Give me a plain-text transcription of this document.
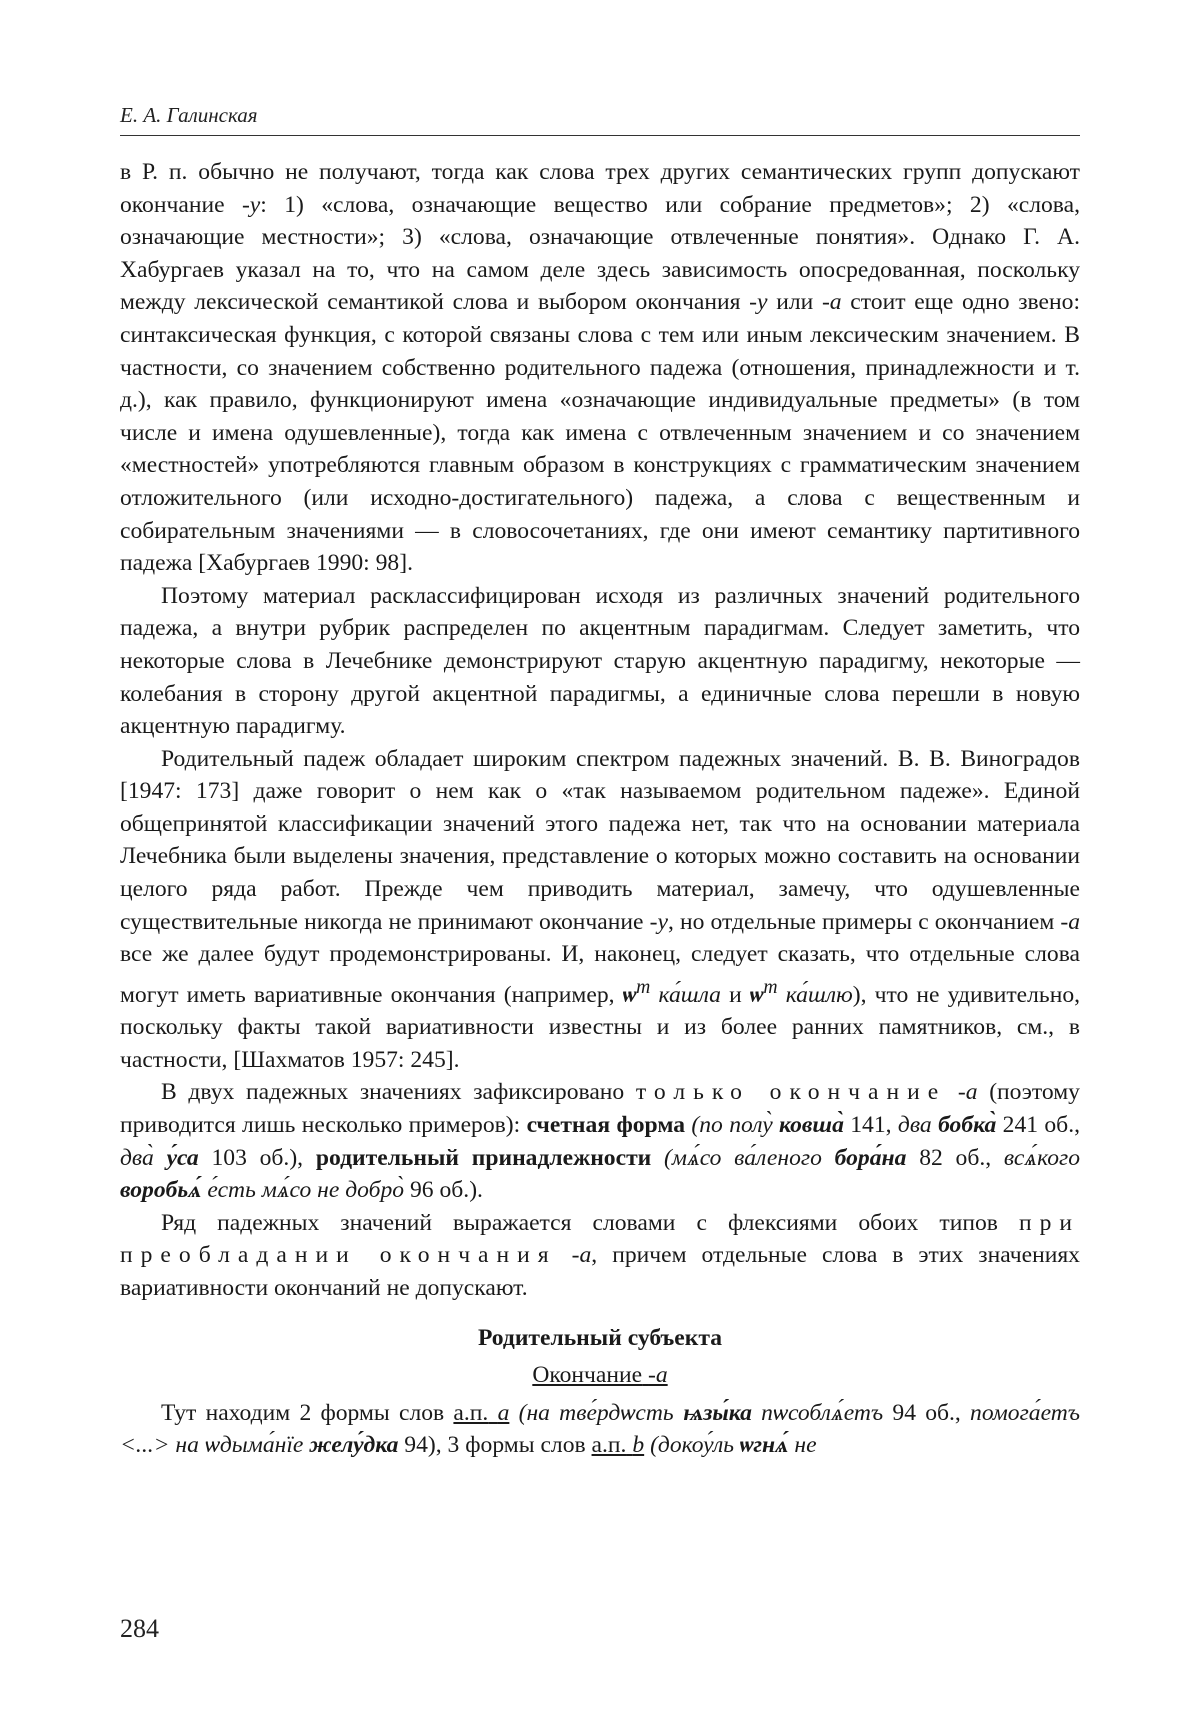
Е. А. Галинская

в Р. п. обычно не получают, тогда как слова трех других семантических групп допускают окончание -у: 1) «слова, означающие вещество или собрание предметов»; 2) «слова, означающие местности»; 3) «слова, означающие отвлеченные понятия». Однако Г. А. Хабургаев указал на то, что на самом деле здесь зависимость опосредованная, поскольку между лексической семантикой слова и выбором окончания -у или -а стоит еще одно звено: синтаксическая функция, с которой связаны слова с тем или иным лексическим значением. В частности, со значением собственно родительного падежа (отношения, принадлежности и т. д.), как правило, функционируют имена «означающие индивидуальные предметы» (в том числе и имена одушевленные), тогда как имена с отвлеченным значением и со значением «местностей» употребляются главным образом в конструкциях с грамматическим значением отложительного (или исходно-достигательного) падежа, а слова с вещественным и собирательным значениями — в словосочетаниях, где они имеют семантику партитивного падежа [Хабургаев 1990: 98].

Поэтому материал расклассифицирован исходя из различных значений родительного падежа, а внутри рубрик распределен по акцентным парадигмам. Следует заметить, что некоторые слова в Лечебнике демонстрируют старую акцентную парадигму, некоторые — колебания в сторону другой акцентной парадигмы, а единичные слова перешли в новую акцентную парадигму.

Родительный падеж обладает широким спектром падежных значений. В. В. Виноградов [1947: 173] даже говорит о нем как о «так называемом родительном падеже». Единой общепринятой классификации значений этого падежа нет, так что на основании материала Лечебника были выделены значения, представление о которых можно составить на основании целого ряда работ. Прежде чем приводить материал, замечу, что одушевленные существительные никогда не принимают окончание -у, но отдельные примеры с окончанием -а все же далее будут продемонстрированы. И, наконец, следует сказать, что отдельные слова могут иметь вариативные окончания (например, $ѡ^т$ ка́шла и $ѡ^т$ ка́шлю), что не удивительно, поскольку факты такой вариативности известны и из более ранних памятников, см., в частности, [Шахматов 1957: 245].

В двух падежных значениях зафиксировано только окончание -а (поэтому приводится лишь несколько примеров): счетная форма (по полу̀ ковша̀ 141, два бобка̀ 241 об., два̀ у́са 103 об.), родительный принадлежности (мѧ́со ва́леного бора́на 82 об., всѧ́кого воробьѧ́ е́сть мѧ́со не добро̀ 96 об.).

Ряд падежных значений выражается словами с флексиями обоих типов при преобладании окончания -а, причем отдельные слова в этих значениях вариативности окончаний не допускают.

Родительный субъекта

Окончание -а

Тут находим 2 формы слов а.п. а (на тве́рдѡсть ѩзы́ка пѡсоблѧ́етъ 94 об., помога́етъ <...> на ѡдыма́нїе желу́дка 94), 3 формы слов а.п. b (докоу́ль ѡгнѧ́ не

284
